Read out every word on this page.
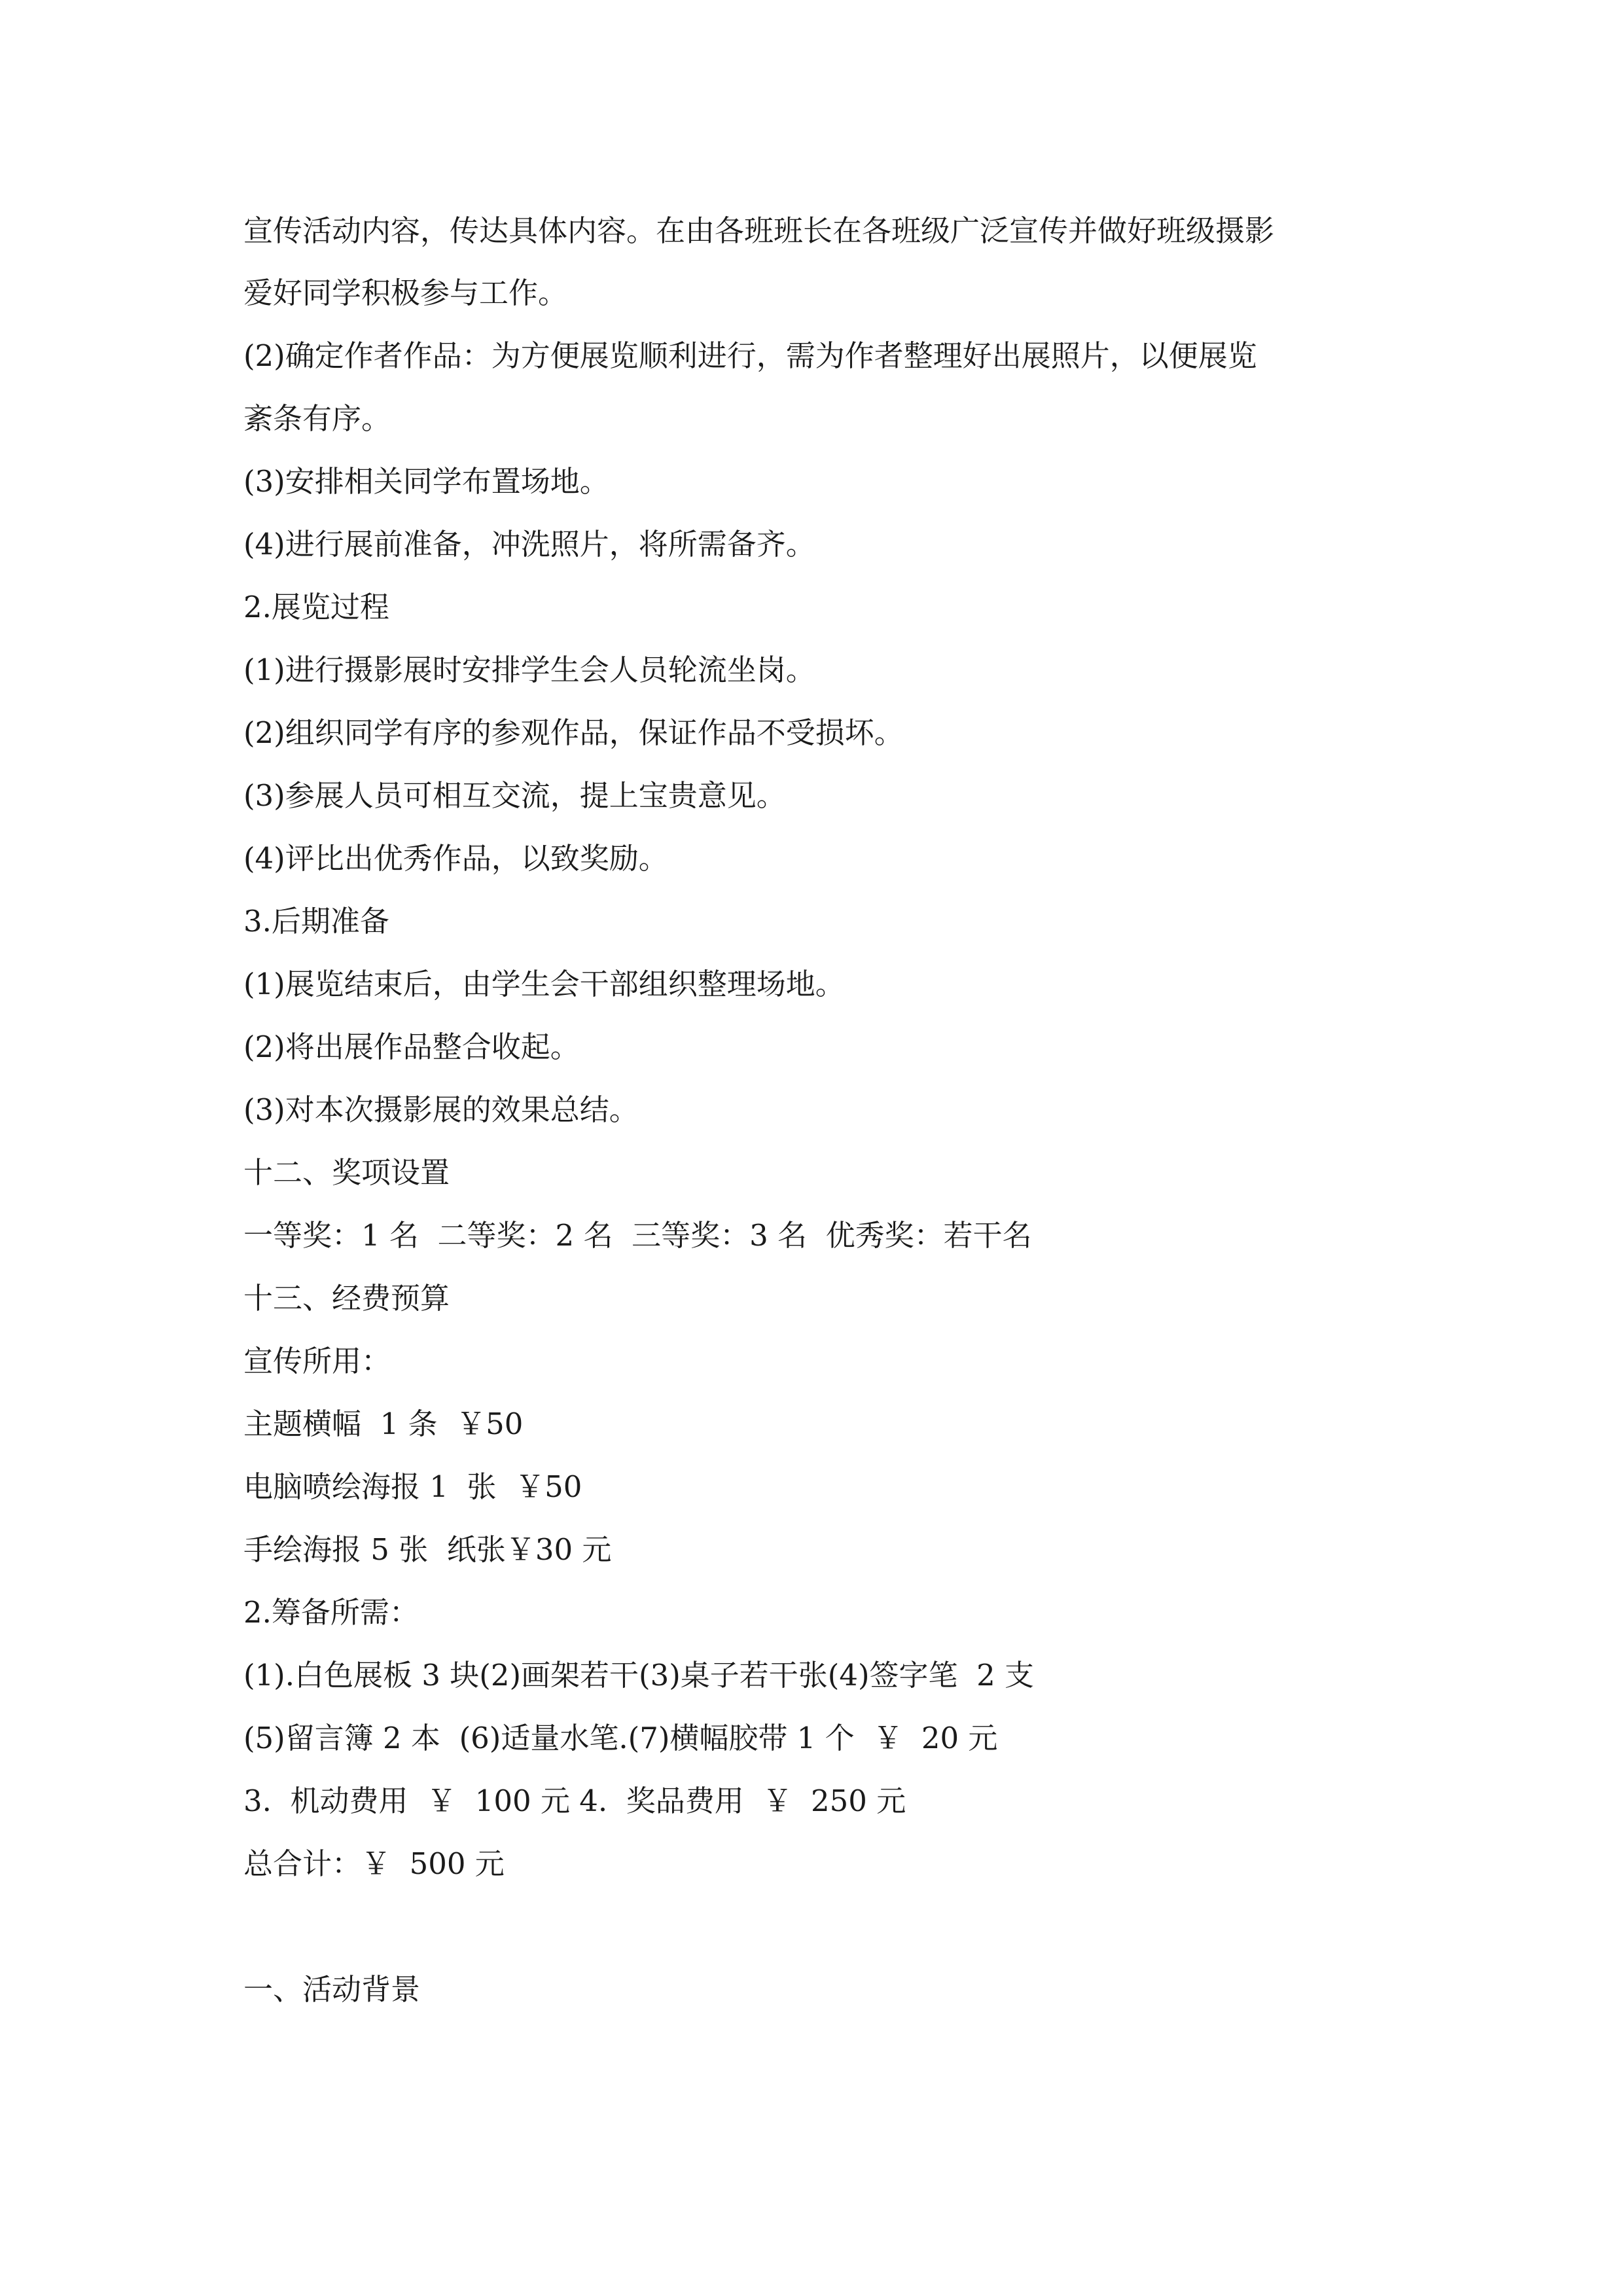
宣传活动内容，传达具体内容。在由各班班长在各班级广泛宣传并做好班级摄影

爱好同学积极参与工作。

(2)确定作者作品：为方便展览顺利进行，需为作者整理好出展照片，以便展览

紊条有序。

(3)安排相关同学布置场地。

(4)进行展前准备，冲洗照片，将所需备齐。

2.展览过程

(1)进行摄影展时安排学生会人员轮流坐岗。

(2)组织同学有序的参观作品，保证作品不受损坏。

(3)参展人员可相互交流，提上宝贵意见。

(4)评比出优秀作品，以致奖励。

3.后期准备

(1)展览结束后，由学生会干部组织整理场地。

(2)将出展作品整合收起。

(3)对本次摄影展的效果总结。

十二、奖项设置

一等奖：1 名  二等奖：2 名  三等奖：3 名  优秀奖：若干名

十三、经费预算

宣传所用：

主题横幅  1 条  ￥50

电脑喷绘海报 1  张  ￥50

手绘海报 5 张  纸张￥30 元

2.筹备所需：

(1).白色展板 3 块(2)画架若干(3)桌子若干张(4)签字笔  2 支

(5)留言簿 2 本  (6)适量水笔.(7)横幅胶带 1 个  ￥  20 元

3.  机动费用  ￥  100 元 4.  奖品费用  ￥  250 元

总合计：￥  500 元

一、活动背景
